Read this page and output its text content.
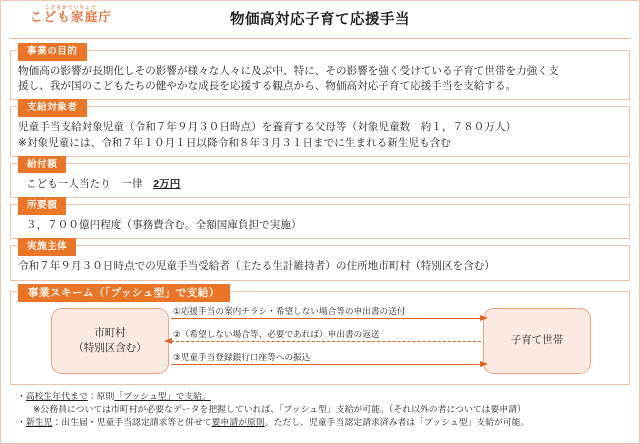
こどもかていちょう
こども家庭庁	物価高対応子育て応援手当
事業の目的
物価高の影響が長期化しその影響が様々な人々に及ぶ中、特に、その影響を強く受けている子育て世帯を力強く支
援し、我が国のこどもたちの健やかな成長を応援する観点から、物価高対応子育て応援手当を支給する。
支給対象者
児童手当支給対象児童（令和７年９月３０日時点）を養育する父母等（対象児童数　約１，７８０万人）
※対象児童には、令和７年１０月１日以降令和８年３月３１日までに生まれる新生児も含む
給付額
こども一人当たり　一律　2万円
所要額
３，７００億円程度（事務費含む。全額国庫負担で実施）
実施主体
令和７年９月３０日時点での児童手当受給者（主たる生計維持者）の住所地市町村（特別区を含む）
事業スキーム（「プッシュ型」で支給）
市町村
（特別区含む）
子育て世帯
①応援手当の案内チラシ・希望しない場合等の申出書の送付
②（希望しない場合等、必要であれば）申出書の返送
③児童手当登録銀行口座等への振込
・高校生年代まで：原則「プッシュ型」で支給。
※公務員については市町村が必要なデータを把握していれば、「プッシュ型」支給が可能。（それ以外の者については要申請）
・新生児：出生届・児童手当認定請求等と併せて要申請が原則。ただし、児童手当認定請求済み者は「プッシュ型」支給が可能。
